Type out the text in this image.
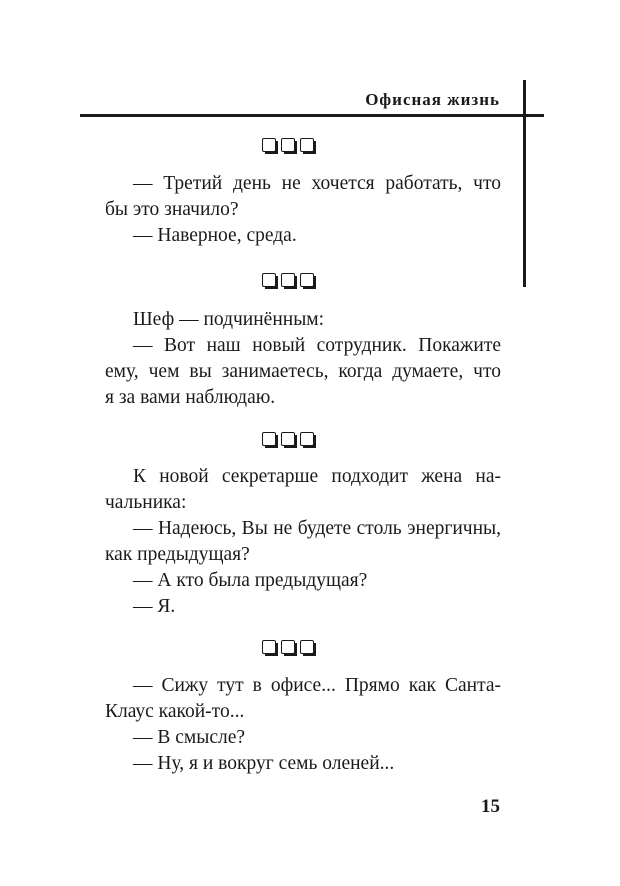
Офисная жизнь
— Третий день не хочется работать, что
бы это значило?
— Наверное, среда.
Шеф — подчинённым:
— Вот наш новый сотрудник. Покажите
ему, чем вы занимаетесь, когда думаете, что
я за вами наблюдаю.
К новой секретарше подходит жена на-
чальника:
— Надеюсь, Вы не будете столь энергичны,
как предыдущая?
— А кто была предыдущая?
— Я.
— Сижу тут в офисе... Прямо как Санта-
Клаус какой-то...
— В смысле?
— Ну, я и вокруг семь оленей...
15
